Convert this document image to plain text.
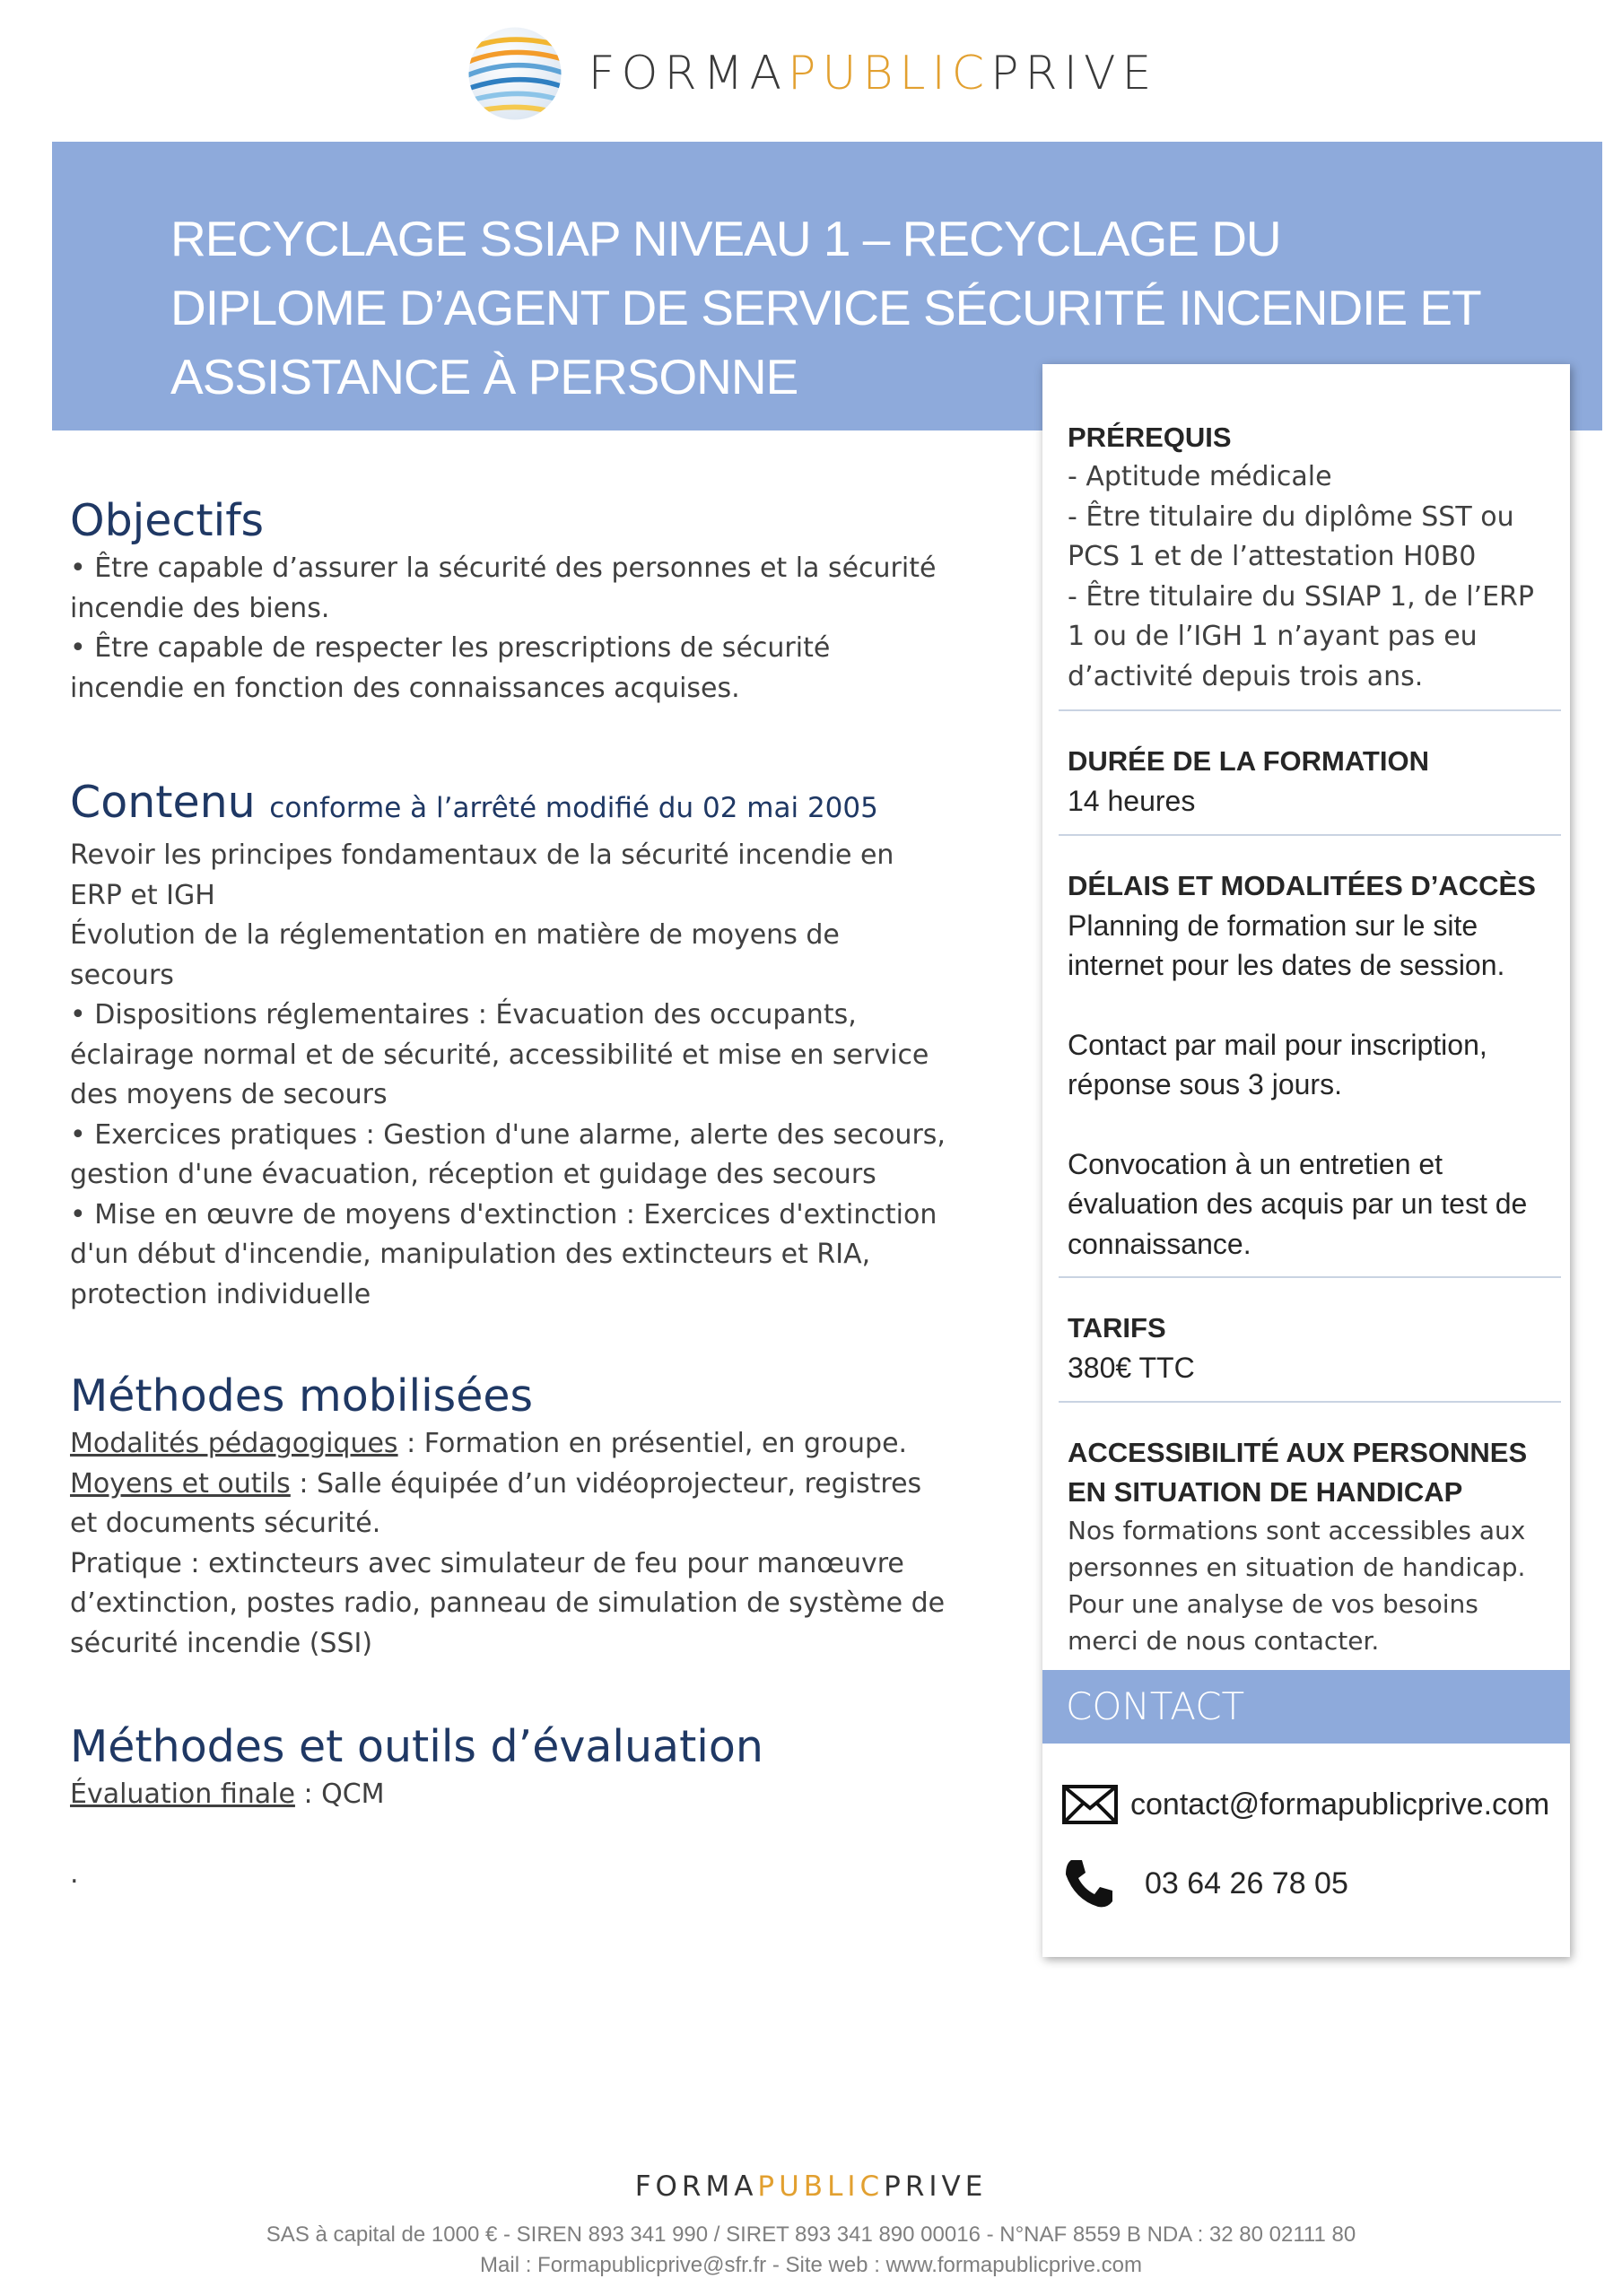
FORMA PUBLIC PRIVE
RECYCLAGE SSIAP NIVEAU 1 – RECYCLAGE DU DIPLOME D’AGENT DE SERVICE SÉCURITÉ INCENDIE ET ASSISTANCE À PERSONNE
Objectifs

• Être capable d’assurer la sécurité des personnes et la sécurité incendie des biens.

• Être capable de respecter les prescriptions de sécurité incendie en fonction des connaissances acquises.

Contenu conforme à l’arrêté modifié du 02 mai 2005

Revoir les principes fondamentaux de la sécurité incendie en ERP et IGH

Évolution de la réglementation en matière de moyens de secours

• Dispositions réglementaires : Évacuation des occupants, éclairage normal et de sécurité, accessibilité et mise en service des moyens de secours

• Exercices pratiques : Gestion d'une alarme, alerte des secours, gestion d'une évacuation, réception et guidage des secours

• Mise en œuvre de moyens d'extinction : Exercices d'extinction d'un début d'incendie, manipulation des extincteurs et RIA, protection individuelle

Méthodes mobilisées

Modalités pédagogiques : Formation en présentiel, en groupe.

Moyens et outils : Salle équipée d’un vidéoprojecteur, registres et documents sécurité.

Pratique : extincteurs avec simulateur de feu pour manœuvre d’extinction, postes radio, panneau de simulation de système de sécurité incendie (SSI)

Méthodes et outils d’évaluation

Évaluation finale : QCM

.

PRÉREQUIS

- Aptitude médicale

- Être titulaire du diplôme SST ou PCS 1 et de l’attestation H0B0

- Être titulaire du SSIAP 1, de l’ERP 1 ou de l’IGH 1 n’ayant pas eu d’activité depuis trois ans.

DURÉE DE LA FORMATION

14 heures

DÉLAIS ET MODALITÉES D’ACCÈS

Planning de formation sur le site internet pour les dates de session.

Contact par mail pour inscription, réponse sous 3 jours.

Convocation à un entretien et évaluation des acquis par un test de connaissance.

TARIFS

380€ TTC

ACCESSIBILITÉ AUX PERSONNES EN SITUATION DE HANDICAP

Nos formations sont accessibles aux personnes en situation de handicap. Pour une analyse de vos besoins merci de nous contacter.

contact@formapublicprive.com
03 64 26 78 05
CONTACT
FORMAPUBLICPRIVE
SAS à capital de 1000 € - SIREN 893 341 990 / SIRET 893 341 890 00016 - N°NAF 8559 B NDA : 32 80 02111 80
Mail : Formapublicprive@sfr.fr - Site web : www.formapublicprive.com
